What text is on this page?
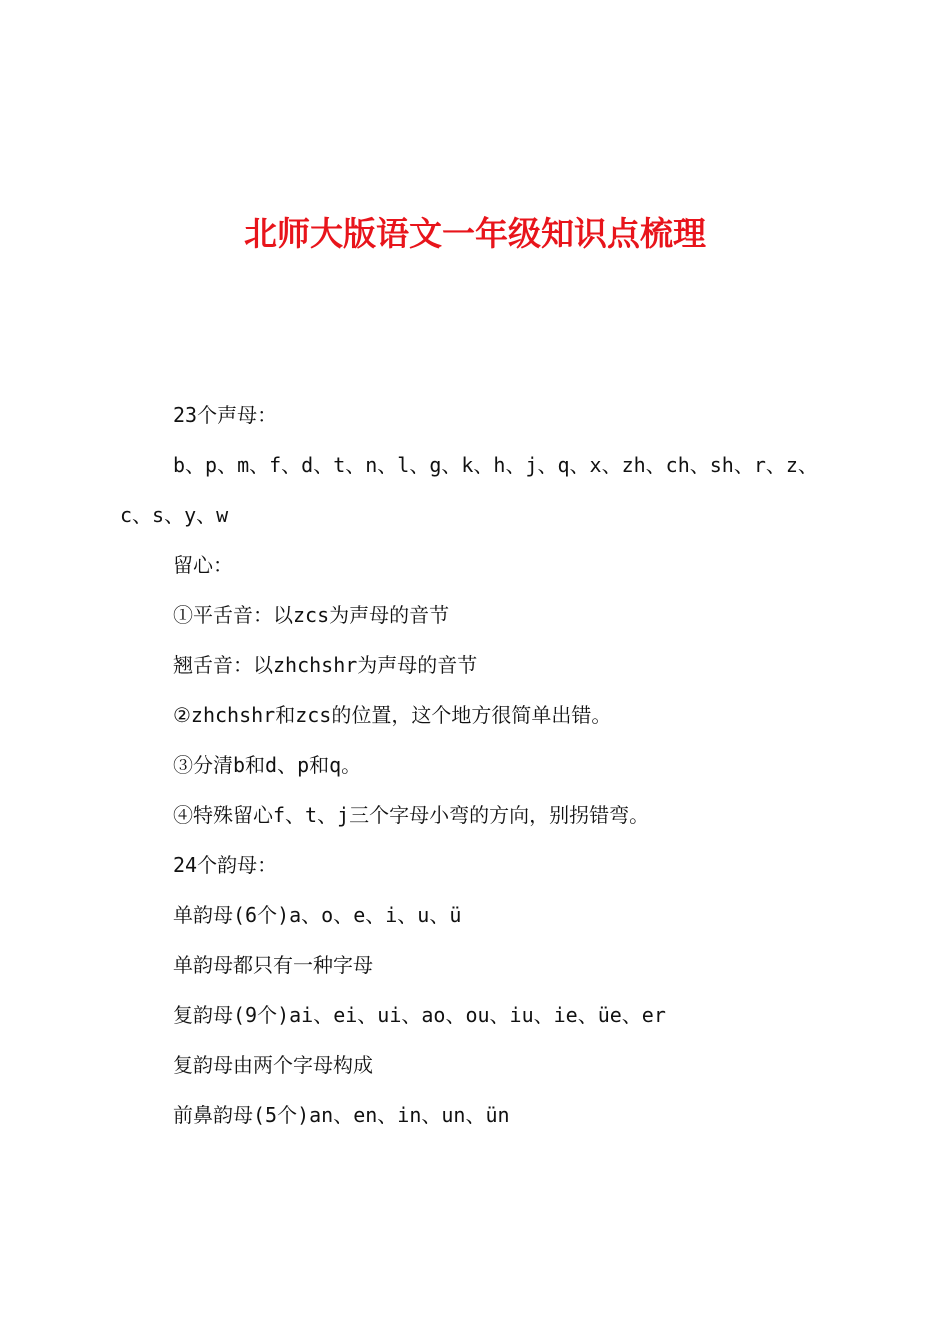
北师大版语文一年级知识点梳理
23个声母：
b、p、m、f、d、t、n、l、g、k、h、j、q、x、zh、ch、sh、r、z、c、s、y、w
留心：
①平舌音：以zcs为声母的音节
翘舌音：以zhchshr为声母的音节
②zhchshr和zcs的位置，这个地方很简单出错。
③分清b和d、p和q。
④特殊留心f、t、j三个字母小弯的方向，别拐错弯。
24个韵母：
单韵母(6个)a、o、e、i、u、ü
单韵母都只有一种字母
复韵母(9个)ai、ei、ui、ao、ou、iu、ie、üe、er
复韵母由两个字母构成
前鼻韵母(5个)an、en、in、un、ün
